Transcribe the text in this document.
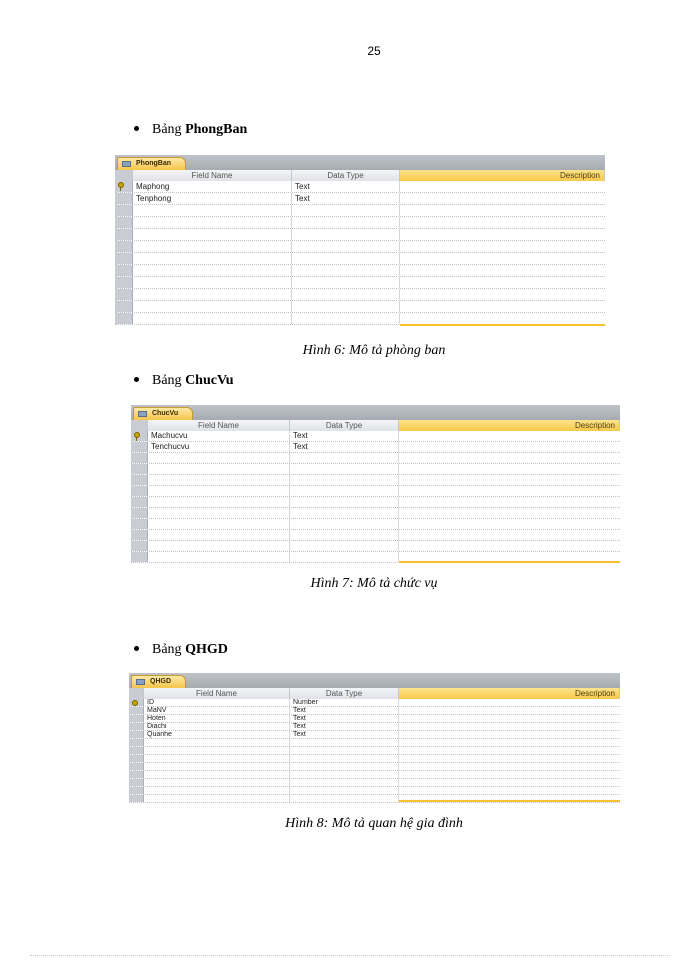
25
Bảng PhongBan
PhongBan
Field Name	Data Type	Description
Maphong	Text
Tenphong	Text
Hình 6: Mô tả phòng ban
Bảng ChucVu
ChucVu
Field Name	Data Type	Description
Machucvu	Text
Tenchucvu	Text
Hình 7: Mô tả chức vụ
Bảng QHGD
QHGD
Field Name	Data Type	Description
ID	Number
MaNV	Text
Hoten	Text
Diachi	Text
Quanhe	Text
Hình 8: Mô tả quan hệ gia đình
